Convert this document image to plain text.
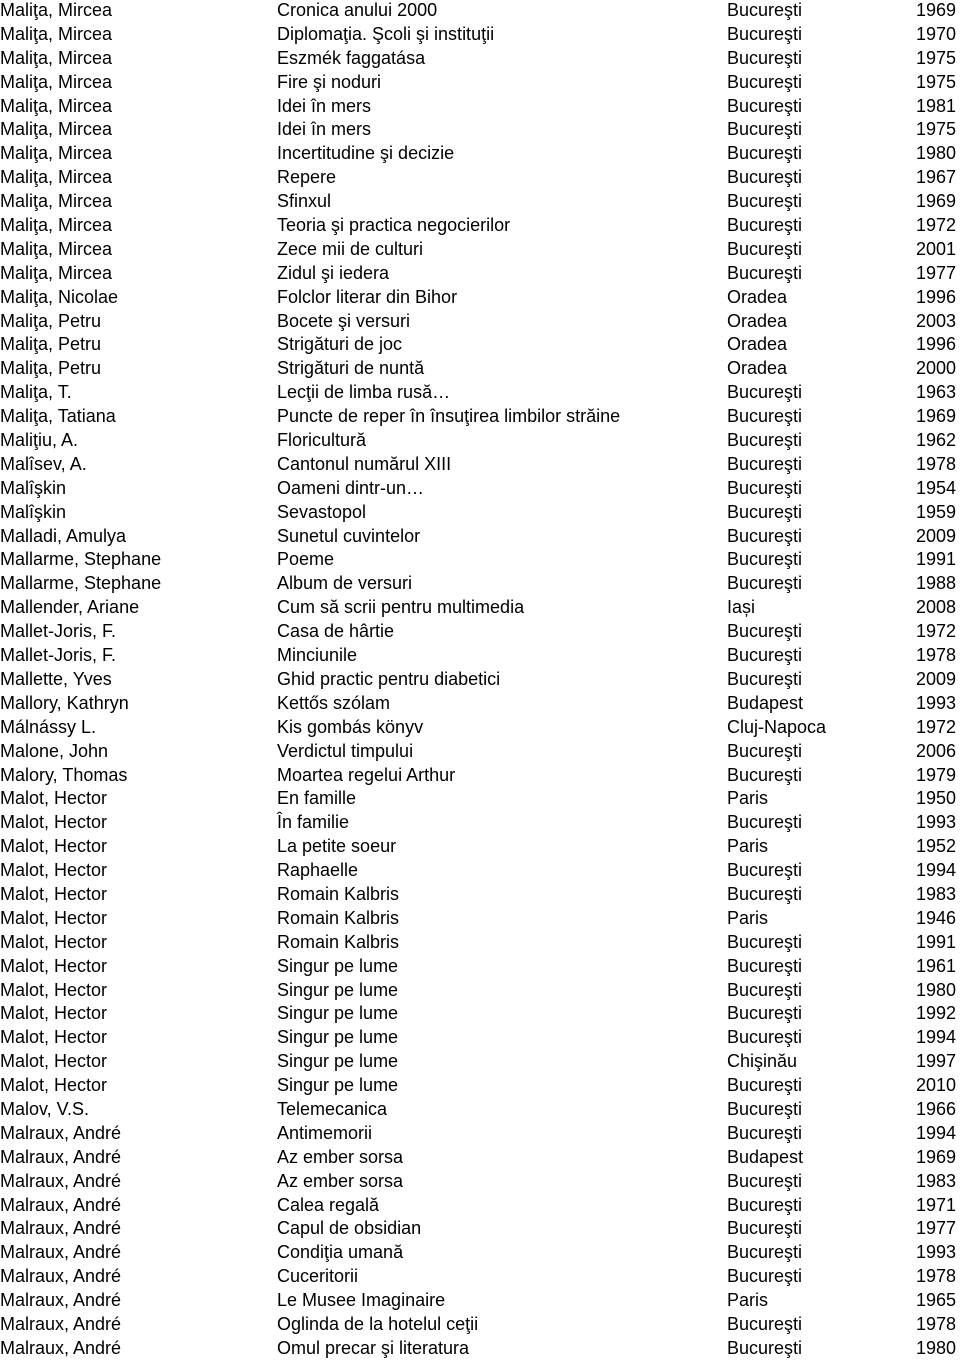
Maliţa, Mircea	Cronica anului 2000	Bucureşti	1969
Maliţa, Mircea	Diplomaţia. Şcoli şi instituţii	Bucureşti	1970
Maliţa, Mircea	Eszmék faggatása	Bucureşti	1975
Maliţa, Mircea	Fire şi noduri	Bucureşti	1975
Maliţa, Mircea	Idei în mers	Bucureşti	1981
Maliţa, Mircea	Idei în mers	Bucureşti	1975
Maliţa, Mircea	Incertitudine şi decizie	Bucureşti	1980
Maliţa, Mircea	Repere	Bucureşti	1967
Maliţa, Mircea	Sfinxul	Bucureşti	1969
Maliţa, Mircea	Teoria şi practica negocierilor	Bucureşti	1972
Maliţa, Mircea	Zece mii de culturi	Bucureşti	2001
Maliţa, Mircea	Zidul şi iedera	Bucureşti	1977
Maliţa, Nicolae	Folclor literar din Bihor	Oradea	1996
Maliţa, Petru	Bocete şi versuri	Oradea	2003
Maliţa, Petru	Strigături de joc	Oradea	1996
Maliţa, Petru	Strigături de nuntă	Oradea	2000
Maliţa, T.	Lecţii de limba rusă…	Bucureşti	1963
Maliţa, Tatiana	Puncte de reper în însuţirea limbilor străine	Bucureşti	1969
Maliţiu, A.	Floricultură	Bucureşti	1962
Malîsev, A.	Cantonul numărul XIII	Bucureşti	1978
Malîşkin	Oameni dintr-un…	Bucureşti	1954
Malîşkin	Sevastopol	Bucureşti	1959
Malladi, Amulya	Sunetul cuvintelor	Bucureşti	2009
Mallarme, Stephane	Poeme	Bucureşti	1991
Mallarme, Stephane	Album de versuri	Bucureşti	1988
Mallender, Ariane	Cum să scrii pentru multimedia	Iași	2008
Mallet-Joris, F.	Casa de hârtie	Bucureşti	1972
Mallet-Joris, F.	Minciunile	Bucureşti	1978
Mallette, Yves	Ghid practic pentru diabetici	Bucureşti	2009
Mallory, Kathryn	Kettős szólam	Budapest	1993
Málnássy L.	Kis gombás könyv	Cluj-Napoca	1972
Malone, John	Verdictul timpului	Bucureşti	2006
Malory, Thomas	Moartea regelui Arthur	Bucureşti	1979
Malot, Hector	En famille	Paris	1950
Malot, Hector	În familie	Bucureşti	1993
Malot, Hector	La petite soeur	Paris	1952
Malot, Hector	Raphaelle	Bucureşti	1994
Malot, Hector	Romain Kalbris	Bucureşti	1983
Malot, Hector	Romain Kalbris	Paris	1946
Malot, Hector	Romain Kalbris	Bucureşti	1991
Malot, Hector	Singur pe lume	Bucureşti	1961
Malot, Hector	Singur pe lume	Bucureşti	1980
Malot, Hector	Singur pe lume	Bucureşti	1992
Malot, Hector	Singur pe lume	Bucureşti	1994
Malot, Hector	Singur pe lume	Chişinău	1997
Malot, Hector	Singur pe lume	Bucureşti	2010
Malov, V.S.	Telemecanica	Bucureşti	1966
Malraux, André	Antimemorii	Bucureşti	1994
Malraux, André	Az ember sorsa	Budapest	1969
Malraux, André	Az ember sorsa	Bucureşti	1983
Malraux, André	Calea regală	Bucureşti	1971
Malraux, André	Capul de obsidian	Bucureşti	1977
Malraux, André	Condiţia umană	Bucureşti	1993
Malraux, André	Cuceritorii	Bucureşti	1978
Malraux, André	Le Musee Imaginaire	Paris	1965
Malraux, André	Oglinda de la hotelul ceţii	Bucureşti	1978
Malraux, André	Omul precar şi literatura	Bucureşti	1980
